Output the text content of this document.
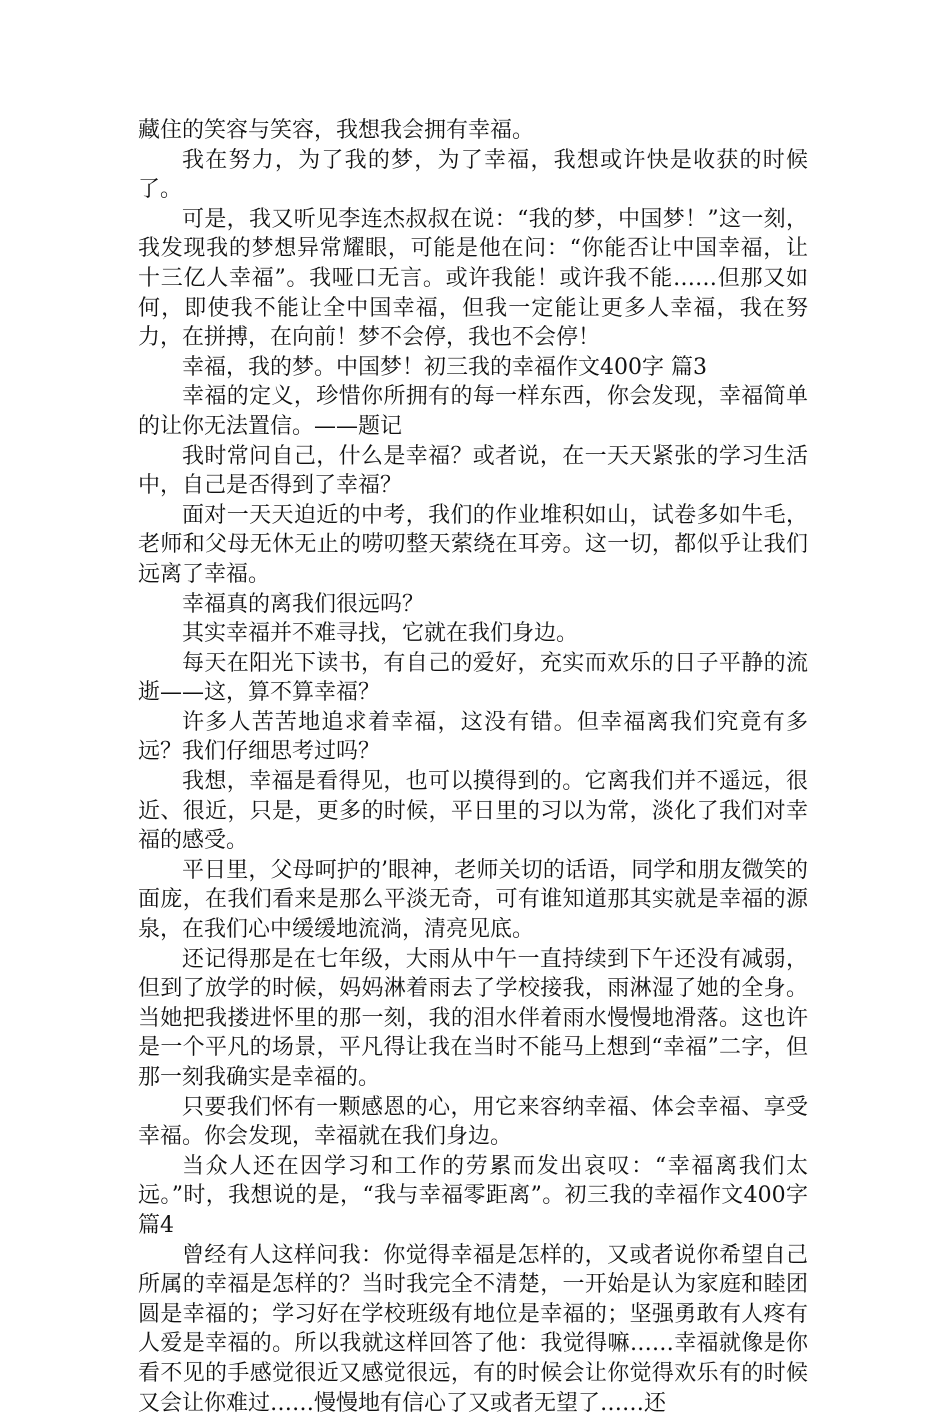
藏住的笑容与笑容，我想我会拥有幸福。

我在努力，为了我的梦，为了幸福，我想或许快是收获的时候了。

可是，我又听见李连杰叔叔在说：“我的梦，中国梦！”这一刻，我发现我的梦想异常耀眼，可能是他在问：“你能否让中国幸福，让十三亿人幸福”。我哑口无言。或许我能！或许我不能……但那又如何，即使我不能让全中国幸福，但我一定能让更多人幸福，我在努力，在拼搏，在向前！梦不会停，我也不会停！

幸福，我的梦。中国梦！初三我的幸福作文400字 篇3

幸福的定义，珍惜你所拥有的每一样东西，你会发现，幸福简单的让你无法置信。——题记

我时常问自己，什么是幸福？或者说，在一天天紧张的学习生活中，自己是否得到了幸福？

面对一天天迫近的中考，我们的作业堆积如山，试卷多如牛毛，老师和父母无休无止的唠叨整天萦绕在耳旁。这一切，都似乎让我们远离了幸福。

幸福真的离我们很远吗？

其实幸福并不难寻找，它就在我们身边。

每天在阳光下读书，有自己的爱好，充实而欢乐的日子平静的流逝——这，算不算幸福？

许多人苦苦地追求着幸福，这没有错。但幸福离我们究竟有多远？我们仔细思考过吗？

我想，幸福是看得见，也可以摸得到的。它离我们并不遥远，很近、很近，只是，更多的时候，平日里的习以为常，淡化了我们对幸福的感受。

平日里，父母呵护的’眼神，老师关切的话语，同学和朋友微笑的面庞，在我们看来是那么平淡无奇，可有谁知道那其实就是幸福的源泉，在我们心中缓缓地流淌，清亮见底。

还记得那是在七年级，大雨从中午一直持续到下午还没有减弱，但到了放学的时候，妈妈淋着雨去了学校接我，雨淋湿了她的全身。当她把我搂进怀里的那一刻，我的泪水伴着雨水慢慢地滑落。这也许是一个平凡的场景，平凡得让我在当时不能马上想到“幸福”二字，但那一刻我确实是幸福的。

只要我们怀有一颗感恩的心，用它来容纳幸福、体会幸福、享受幸福。你会发现，幸福就在我们身边。

当众人还在因学习和工作的劳累而发出哀叹：“幸福离我们太远。”时，我想说的是，“我与幸福零距离”。初三我的幸福作文400字 篇4

曾经有人这样问我：你觉得幸福是怎样的，又或者说你希望自己所属的幸福是怎样的？当时我完全不清楚，一开始是认为家庭和睦团圆是幸福的；学习好在学校班级有地位是幸福的；坚强勇敢有人疼有人爱是幸福的。所以我就这样回答了他：我觉得嘛……幸福就像是你看不见的手感觉很近又感觉很远，有的时候会让你觉得欢乐有的时候又会让你难过……慢慢地有信心了又或者无望了……还
